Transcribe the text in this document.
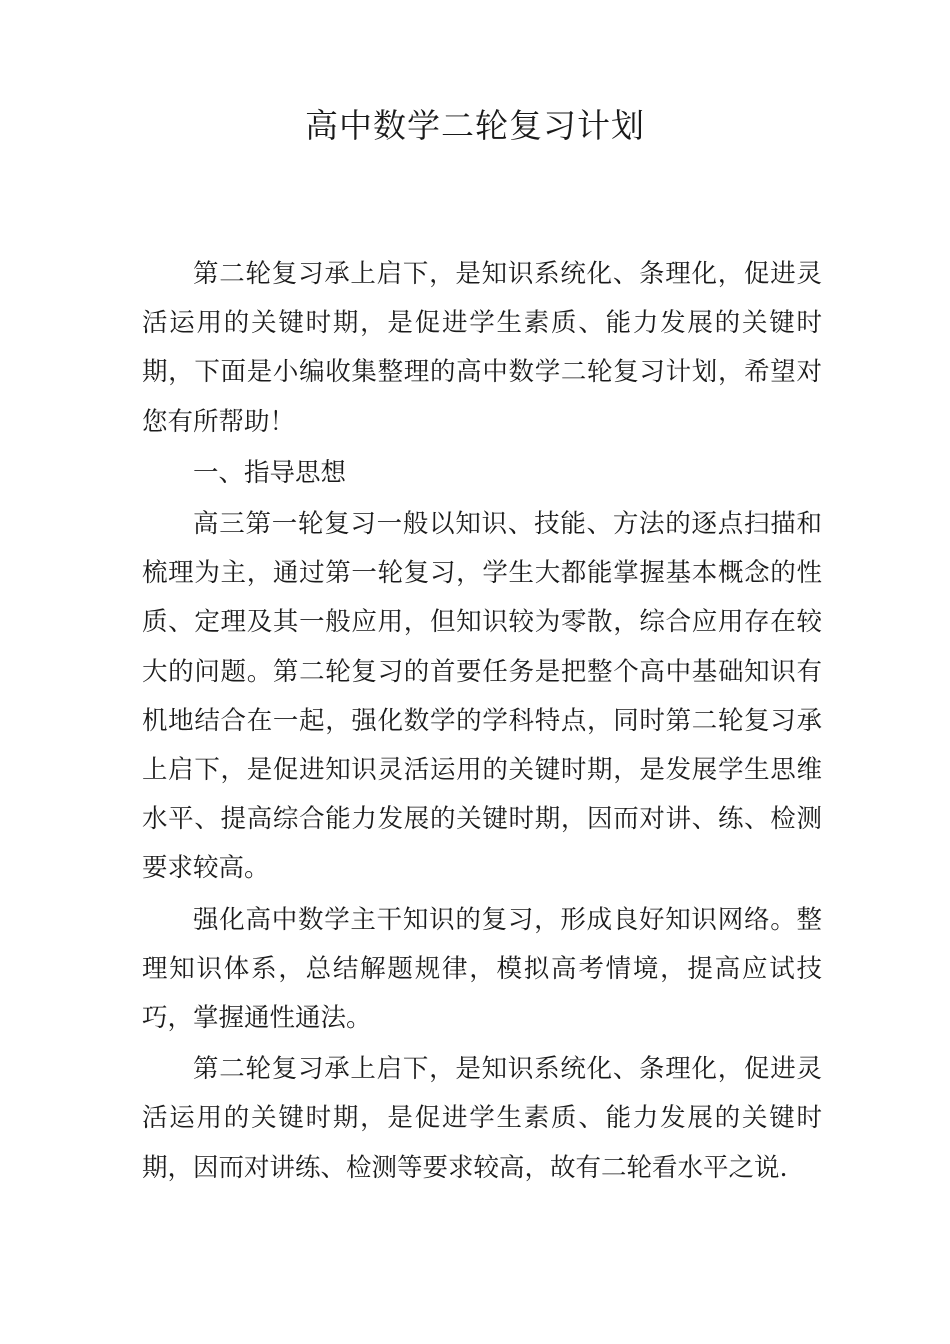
高中数学二轮复习计划

第二轮复习承上启下，是知识系统化、条理化，促进灵活运用的关键时期，是促进学生素质、能力发展的关键时期，下面是小编收集整理的高中数学二轮复习计划，希望对您有所帮助！

一、指导思想

高三第一轮复习一般以知识、技能、方法的逐点扫描和梳理为主，通过第一轮复习，学生大都能掌握基本概念的性质、定理及其一般应用，但知识较为零散，综合应用存在较大的问题。第二轮复习的首要任务是把整个高中基础知识有机地结合在一起，强化数学的学科特点，同时第二轮复习承上启下，是促进知识灵活运用的关键时期，是发展学生思维水平、提高综合能力发展的关键时期，因而对讲、练、检测要求较高。

强化高中数学主干知识的复习，形成良好知识网络。整理知识体系，总结解题规律，模拟高考情境，提高应试技巧，掌握通性通法。

第二轮复习承上启下，是知识系统化、条理化，促进灵活运用的关键时期，是促进学生素质、能力发展的关键时期，因而对讲练、检测等要求较高，故有二轮看水平之说.
